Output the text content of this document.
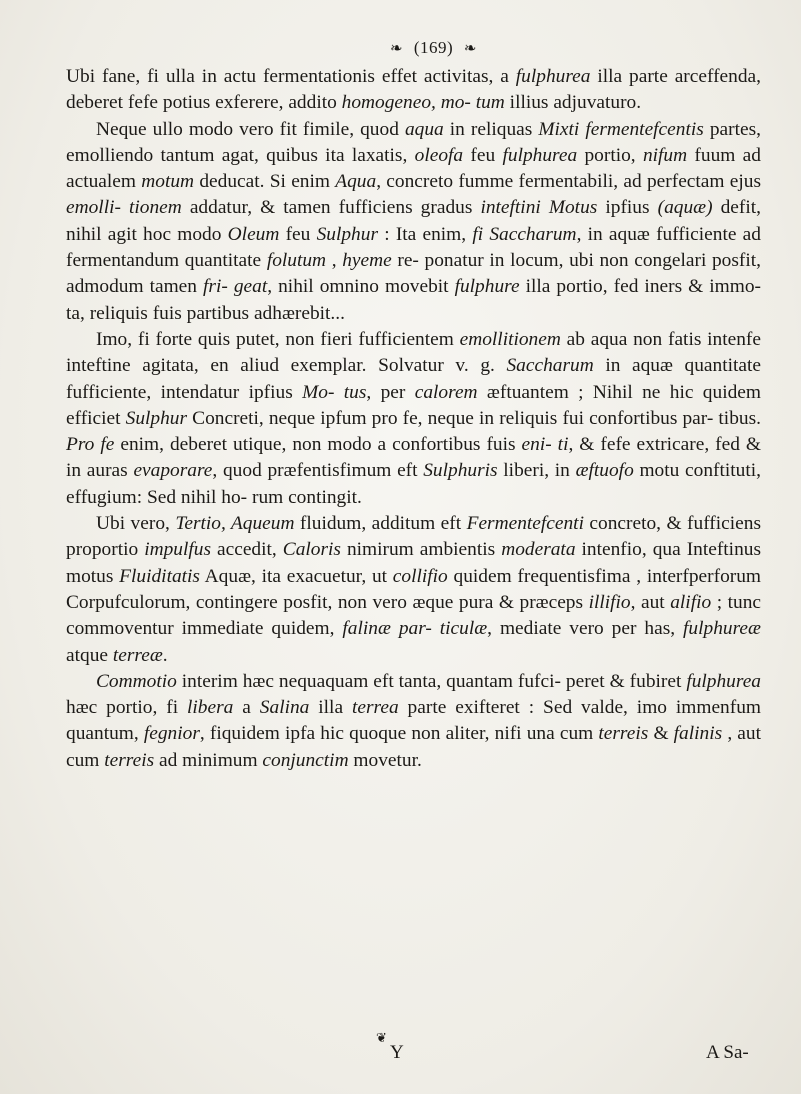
❧ (169) ❧

Ubi fane, fi ulla in actu fermentationis effet activitas, a fulphurea illa parte arceffenda, deberet fefe potius exferere, addito homogeneo, mo- tum illius adjuvaturo.

Neque ullo modo vero fit fimile, quod aqua in reliquas Mixti fermentefcentis partes, emolliendo tantum agat, quibus ita laxatis, oleofa feu fulphurea portio, nifum fuum ad actualem motum deducat. Si enim Aqua, concreto fumme fermentabili, ad perfectam ejus emolli- tionem addatur, & tamen fufficiens gradus inteftini Motus ipfius (aquæ) defit, nihil agit hoc modo Oleum feu Sulphur : Ita enim, fi Saccharum, in aquæ fufficiente ad fermentandum quantitate folutum , hyeme re- ponatur in locum, ubi non congelari posfit, admodum tamen fri- geat, nihil omnino movebit fulphure illa portio, fed iners & immo- ta, reliquis fuis partibus adhærebit...

Imo, fi forte quis putet, non fieri fufficientem emollitionem ab aqua non fatis intenfe inteftine agitata, en aliud exemplar. Solvatur v. g. Saccharum in aquæ quantitate fufficiente, intendatur ipfius Mo- tus, per calorem æftuantem ; Nihil ne hic quidem efficiet Sulphur Concreti, neque ipfum pro fe, neque in reliquis fui confortibus par- tibus. Pro fe enim, deberet utique, non modo a confortibus fuis eni- ti, & fefe extricare, fed & in auras evaporare, quod præfentisfimum eft Sulphuris liberi, in æftuofo motu conftituti, effugium: Sed nihil ho- rum contingit.

Ubi vero, Tertio, Aqueum fluidum, additum eft Fermentefcenti concreto, & fufficiens proportio impulfus accedit, Caloris nimirum ambientis moderata intenfio, qua Inteftinus motus Fluiditatis Aquæ, ita exacuetur, ut collifio quidem frequentisfima , interfperforum Corpufculorum, contingere posfit, non vero æque pura & præceps illifio, aut alifio ; tunc commoventur immediate quidem, falinæ par- ticulæ, mediate vero per has, fulphureæ atque terreæ.

Commotio interim hæc nequaquam eft tanta, quantam fufci- peret & fubiret fulphurea hæc portio, fi libera a Salina illa terrea parte exifteret : Sed valde, imo immenfum quantum, fegnior, fiquidem ipfa hic quoque non aliter, nifi una cum terreis & falinis , aut cum terreis ad minimum conjunctim movetur.

❦
Y	A Sa-
